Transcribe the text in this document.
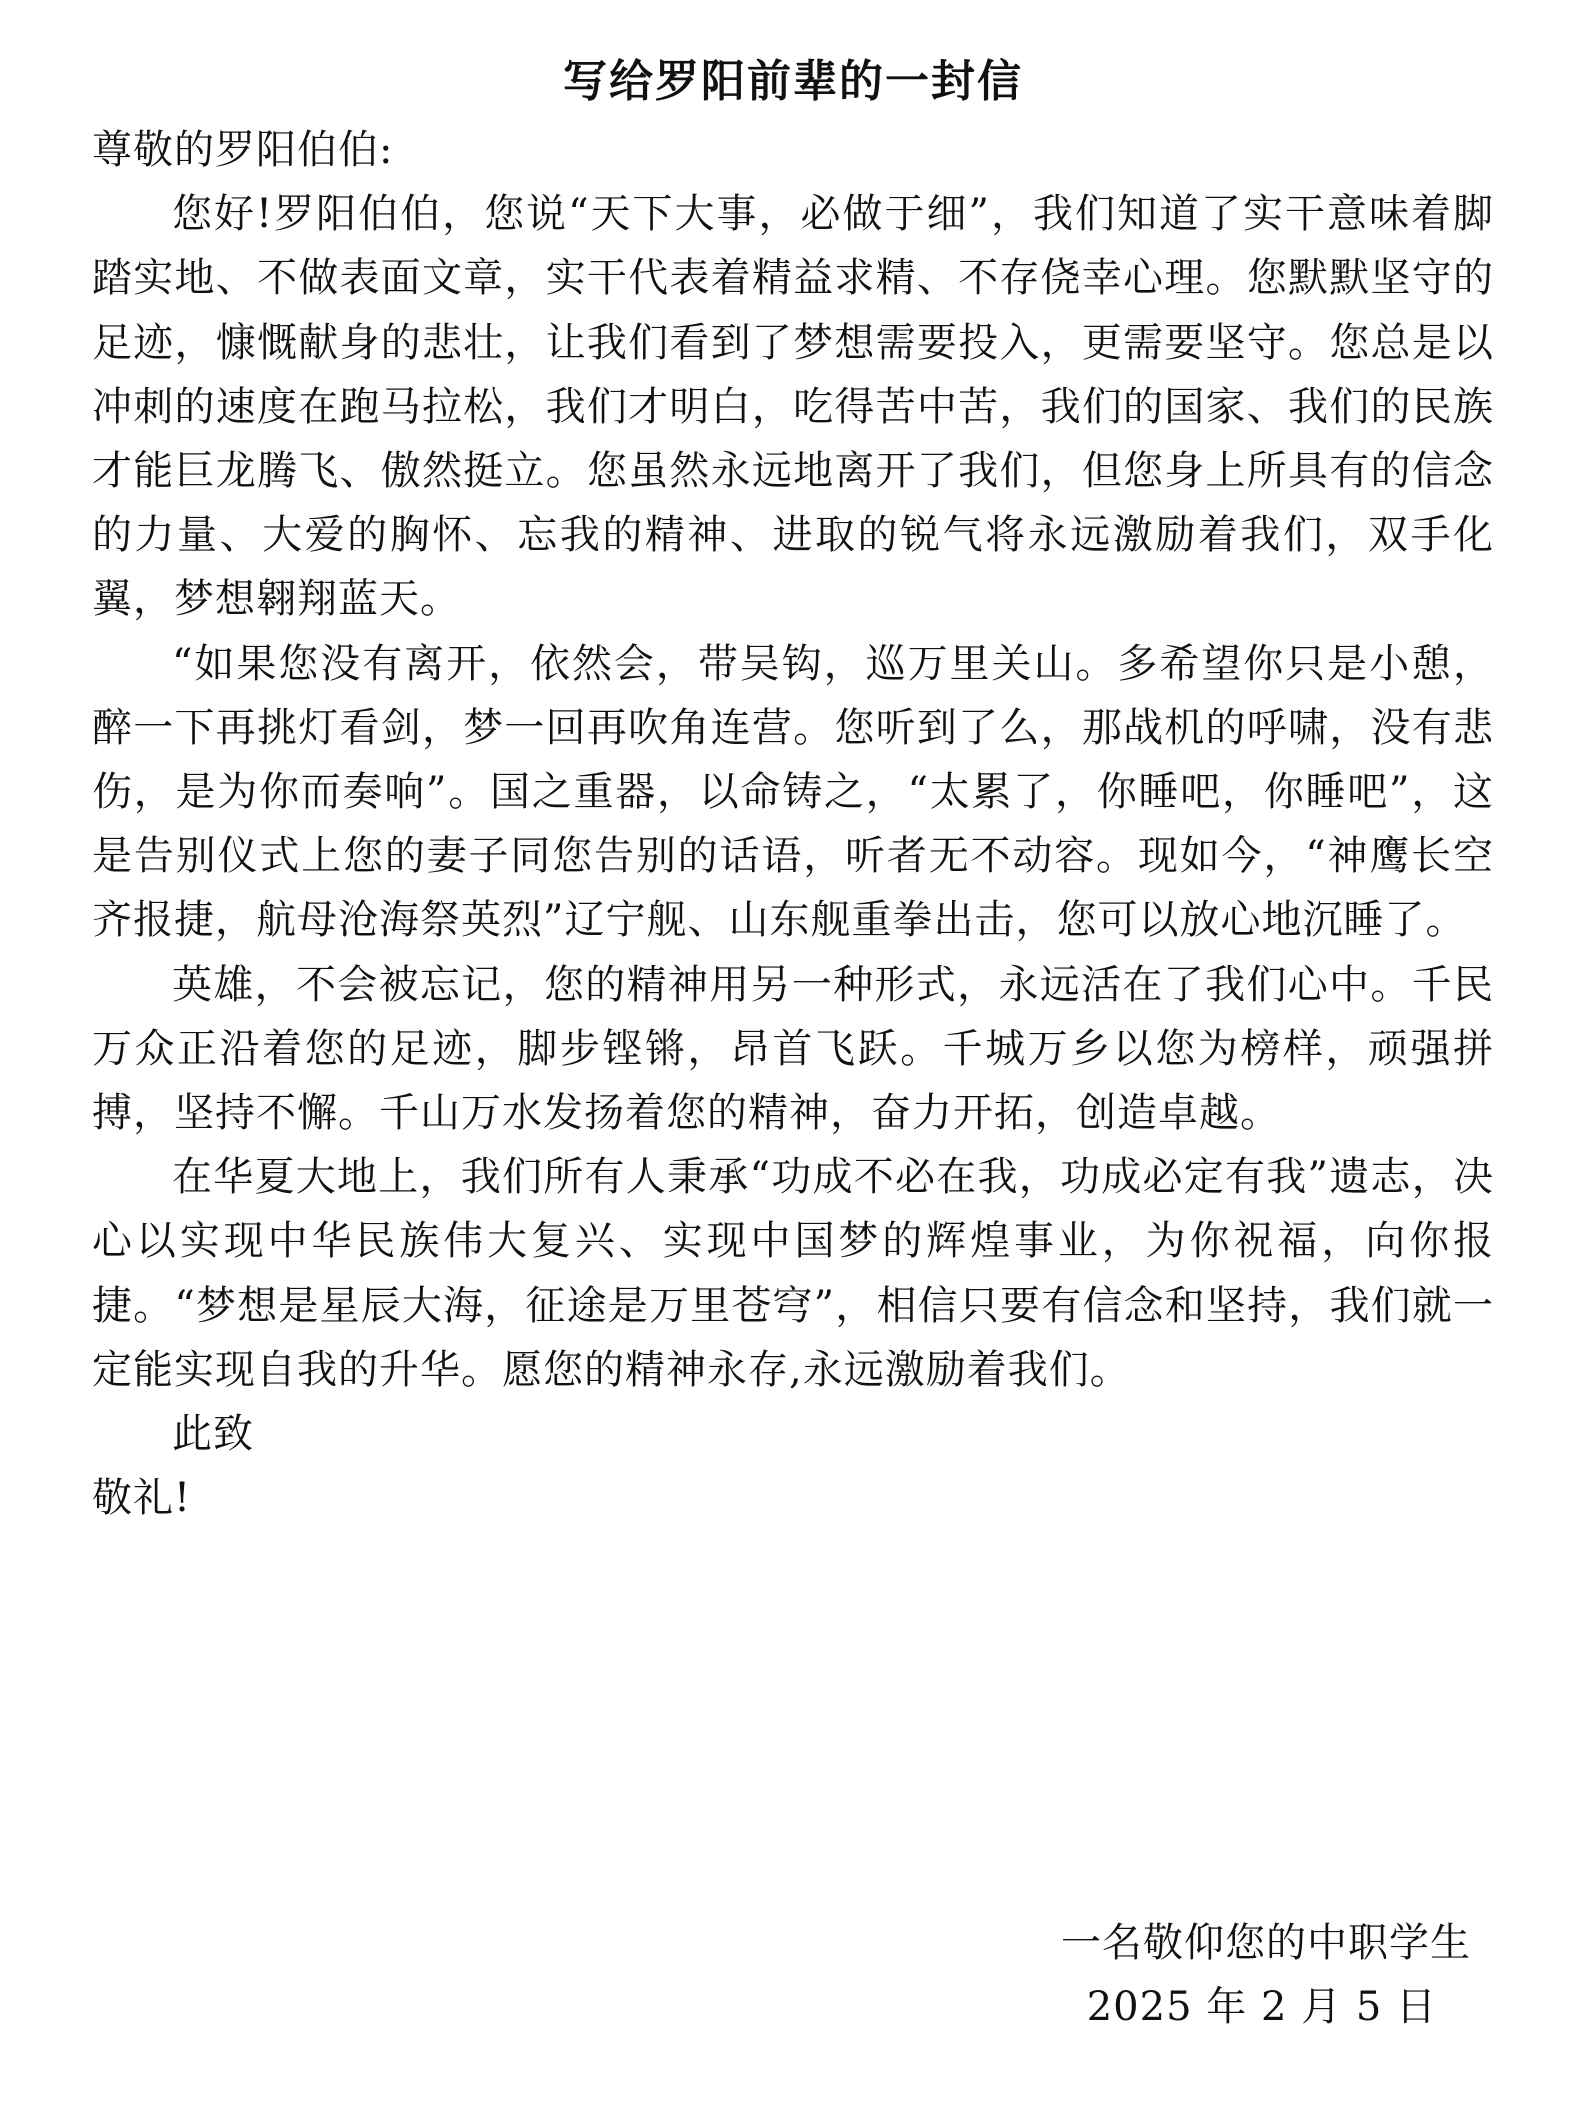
写给罗阳前辈的一封信

尊敬的罗阳伯伯:

您好!罗阳伯伯，您说“天下大事，必做于细”，我们知道了实干意味着脚踏实地、不做表面文章，实干代表着精益求精、不存侥幸心理。您默默坚守的足迹，慷慨献身的悲壮，让我们看到了梦想需要投入，更需要坚守。您总是以冲刺的速度在跑马拉松，我们才明白，吃得苦中苦，我们的国家、我们的民族才能巨龙腾飞、傲然挺立。您虽然永远地离开了我们，但您身上所具有的信念的力量、大爱的胸怀、忘我的精神、进取的锐气将永远激励着我们，双手化翼，梦想翱翔蓝天。

“如果您没有离开，依然会，带吴钩，巡万里关山。多希望你只是小憩，醉一下再挑灯看剑，梦一回再吹角连营。您听到了么，那战机的呼啸，没有悲伤，是为你而奏响”。国之重器，以命铸之，“太累了，你睡吧，你睡吧”，这是告别仪式上您的妻子同您告别的话语，听者无不动容。现如今，“神鹰长空齐报捷，航母沧海祭英烈”辽宁舰、山东舰重拳出击，您可以放心地沉睡了。

英雄，不会被忘记，您的精神用另一种形式，永远活在了我们心中。千民万众正沿着您的足迹，脚步铿锵，昂首飞跃。千城万乡以您为榜样，顽强拼搏，坚持不懈。千山万水发扬着您的精神，奋力开拓，创造卓越。

在华夏大地上，我们所有人秉承“功成不必在我，功成必定有我”遗志，决心以实现中华民族伟大复兴、实现中国梦的辉煌事业，为你祝福，向你报捷。“梦想是星辰大海，征途是万里苍穹”，相信只要有信念和坚持，我们就一定能实现自我的升华。愿您的精神永存,永远激励着我们。

此致

敬礼!

一名敬仰您的中职学生
2025 年 2 月 5 日
